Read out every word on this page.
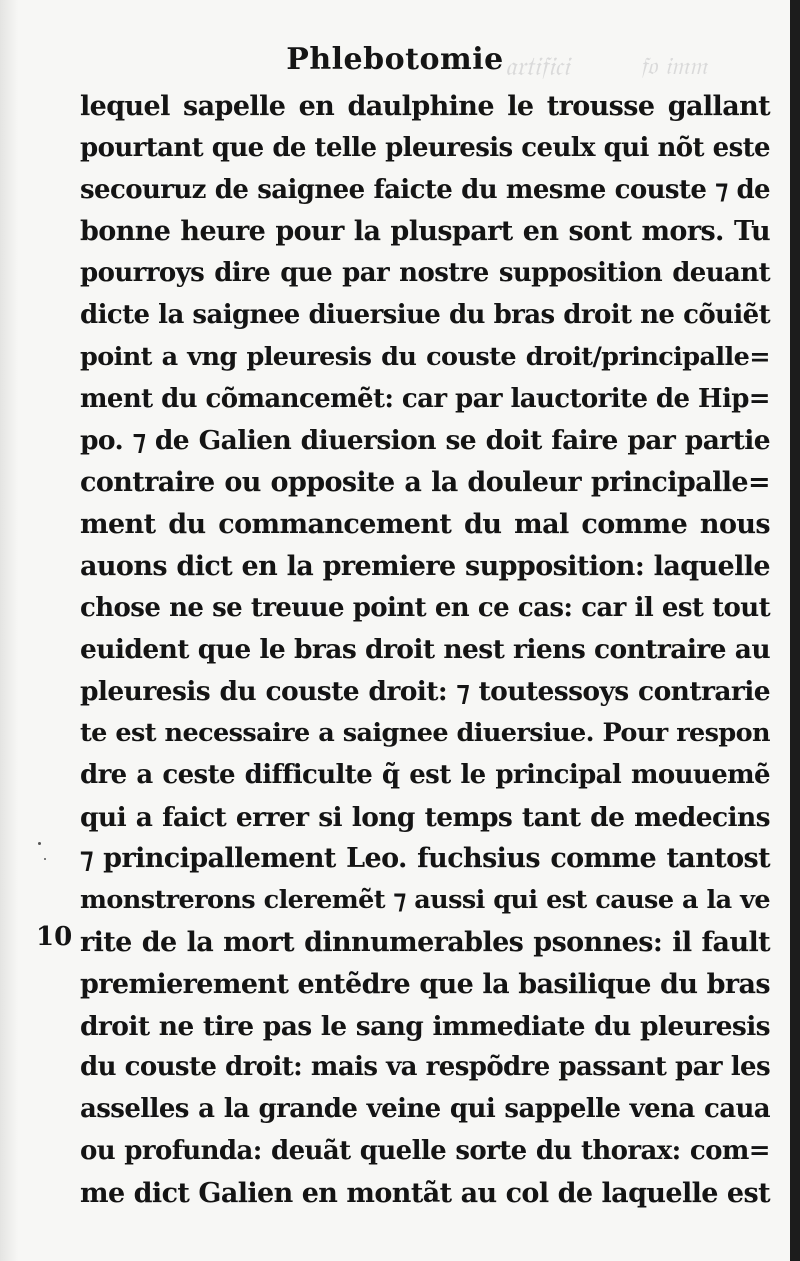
𝔞𝔯𝔱𝔦𝔣𝔦𝔠𝔦	𝔣𝔬 𝔦𝔪𝔪
Phlebotomie
10
lequel sapelle en daulphine le trousse gallant
pourtant que de telle pleuresis ceulx qui nõt este
secouruz de saignee faicte du mesme couste ⁊ de
bonne heure pour la pluspart en sont mors. Tu
pourroys dire que par nostre supposition deuant
dicte la saignee diuersiue du bras droit ne cõuiẽt
point a vng pleuresis du couste droit/principalle=
ment du cõmancemẽt: car par lauctorite de Hip=
po. ⁊ de Galien diuersion se doit faire par partie
contraire ou opposite a la douleur principalle=
ment du commancement du mal comme nous
auons dict en la premiere supposition: laquelle
chose ne se treuue point en ce cas: car il est tout
euident que le bras droit nest riens contraire au
pleuresis du couste droit: ⁊ toutessoys contrarie
te est necessaire a saignee diuersiue. Pour respon
dre a ceste difficulte q̃ est le principal mouuemẽ
qui a faict errer si long temps tant de medecins
⁊ principallement Leo. fuchsius comme tantost
monstrerons cleremẽt ⁊ aussi qui est cause a la ve
rite de la mort dinnumerables psonnes: il fault
premierement entẽdre que la basilique du bras
droit ne tire pas le sang immediate du pleuresis
du couste droit: mais va respõdre passant par les
asselles a la grande veine qui sappelle vena caua
ou profunda: deuãt quelle sorte du thorax: com=
me dict Galien en montãt au col de laquelle est
